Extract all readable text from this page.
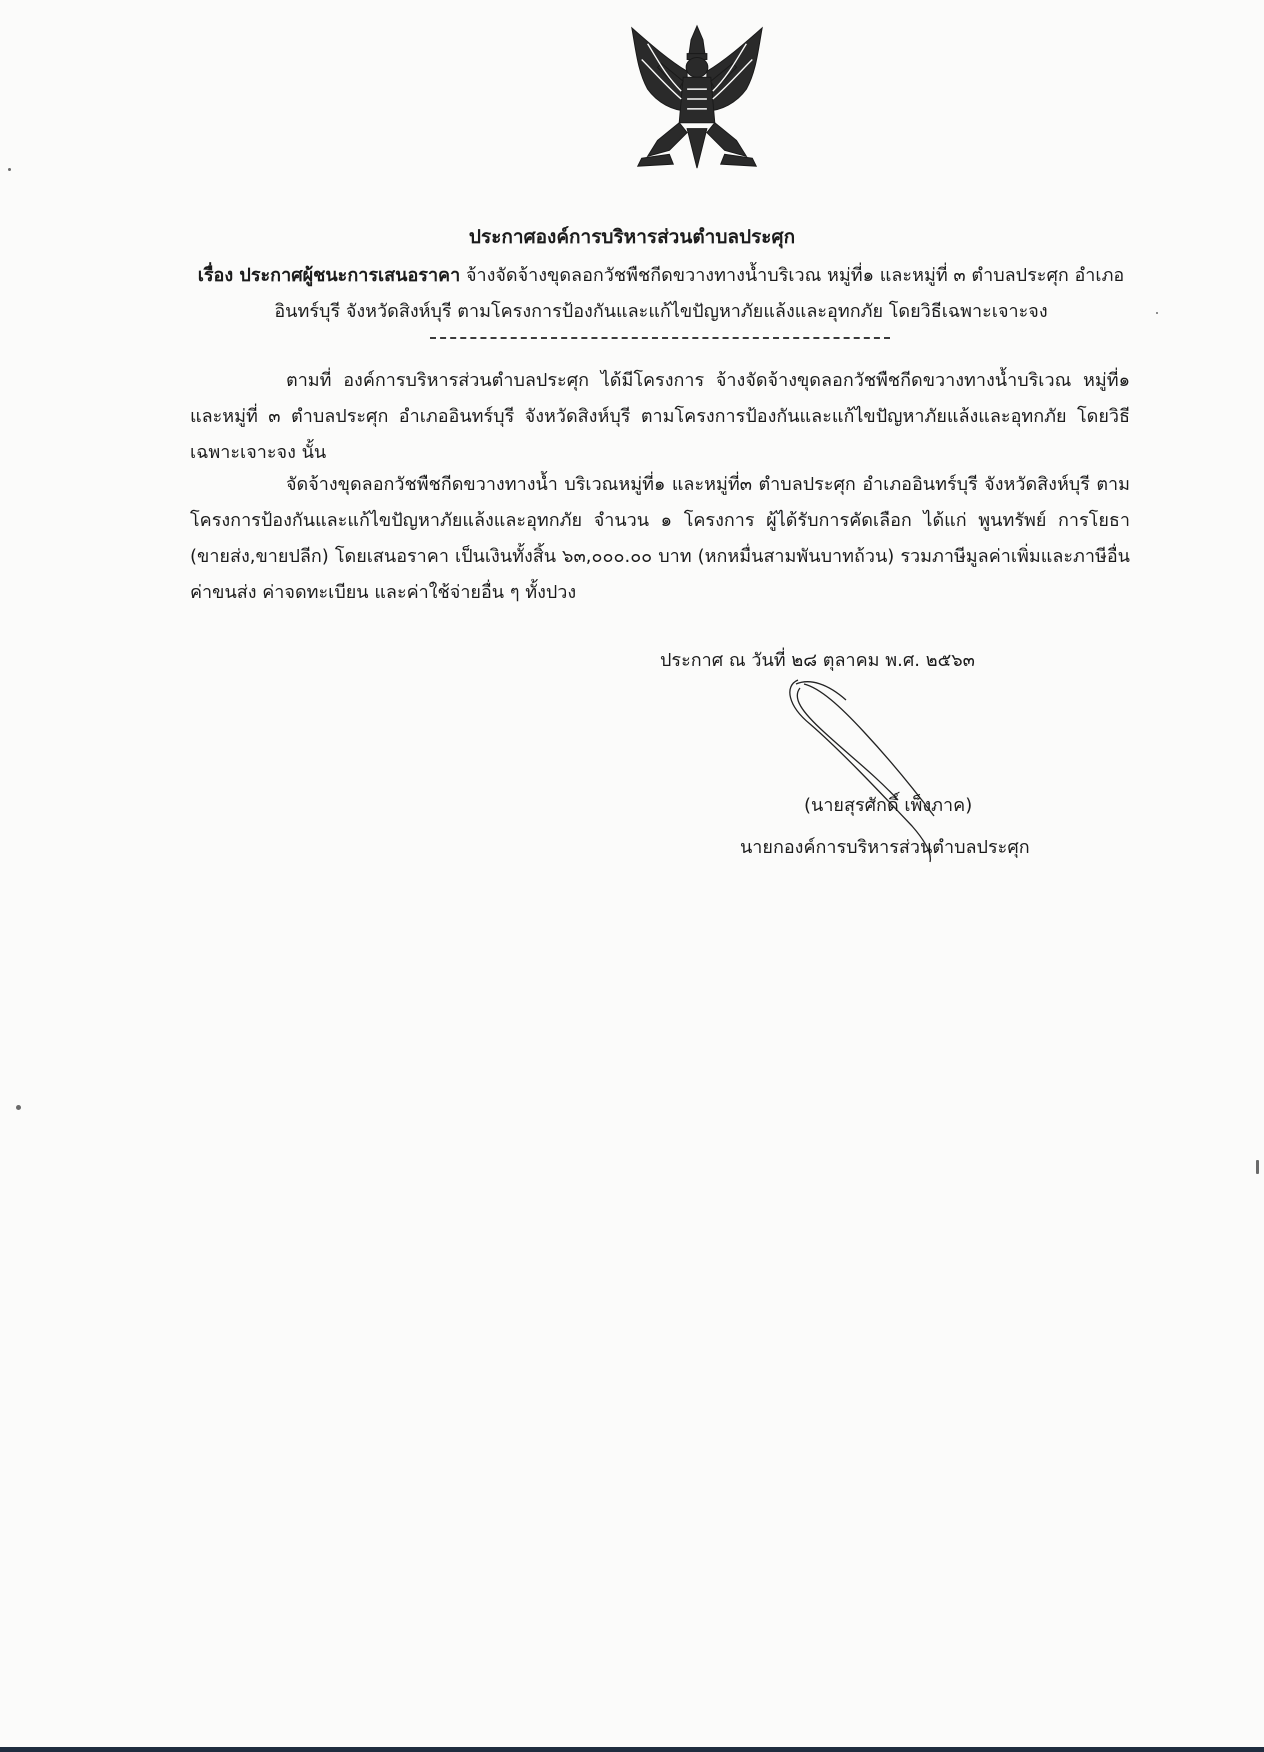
ประกาศองค์การบริหารส่วนตำบลประศุก
เรื่อง ประกาศผู้ชนะการเสนอราคา จ้างจัดจ้างขุดลอกวัชพืชกีดขวางทางน้ำบริเวณ หมู่ที่๑ และหมู่ที่ ๓ ตำบลประศุก อำเภออินทร์บุรี จังหวัดสิงห์บุรี ตามโครงการป้องกันและแก้ไขปัญหาภัยแล้งและอุทกภัย โดยวิธีเฉพาะเจาะจง
ตามที่ องค์การบริหารส่วนตำบลประศุก ได้มีโครงการ จ้างจัดจ้างขุดลอกวัชพืชกีดขวางทางน้ำบริเวณ หมู่ที่๑ และหมู่ที่ ๓ ตำบลประศุก อำเภออินทร์บุรี จังหวัดสิงห์บุรี ตามโครงการป้องกันและแก้ไขปัญหาภัยแล้งและอุทกภัย โดยวิธีเฉพาะเจาะจง นั้น
จัดจ้างขุดลอกวัชพืชกีดขวางทางน้ำ บริเวณหมู่ที่๑ และหมู่ที่๓ ตำบลประศุก อำเภออินทร์บุรี จังหวัดสิงห์บุรี ตามโครงการป้องกันและแก้ไขปัญหาภัยแล้งและอุทกภัย จำนวน ๑ โครงการ ผู้ได้รับการคัดเลือก ได้แก่ พูนทรัพย์ การโยธา (ขายส่ง,ขายปลีก) โดยเสนอราคา เป็นเงินทั้งสิ้น ๖๓,๐๐๐.๐๐ บาท (หกหมื่นสามพันบาทถ้วน) รวมภาษีมูลค่าเพิ่มและภาษีอื่น ค่าขนส่ง ค่าจดทะเบียน และค่าใช้จ่ายอื่น ๆ ทั้งปวง
ประกาศ ณ วันที่ ๒๘ ตุลาคม พ.ศ. ๒๕๖๓
(นายสุรศักดิ์ เพ็งภาค)
นายกองค์การบริหารส่วนตำบลประศุก
